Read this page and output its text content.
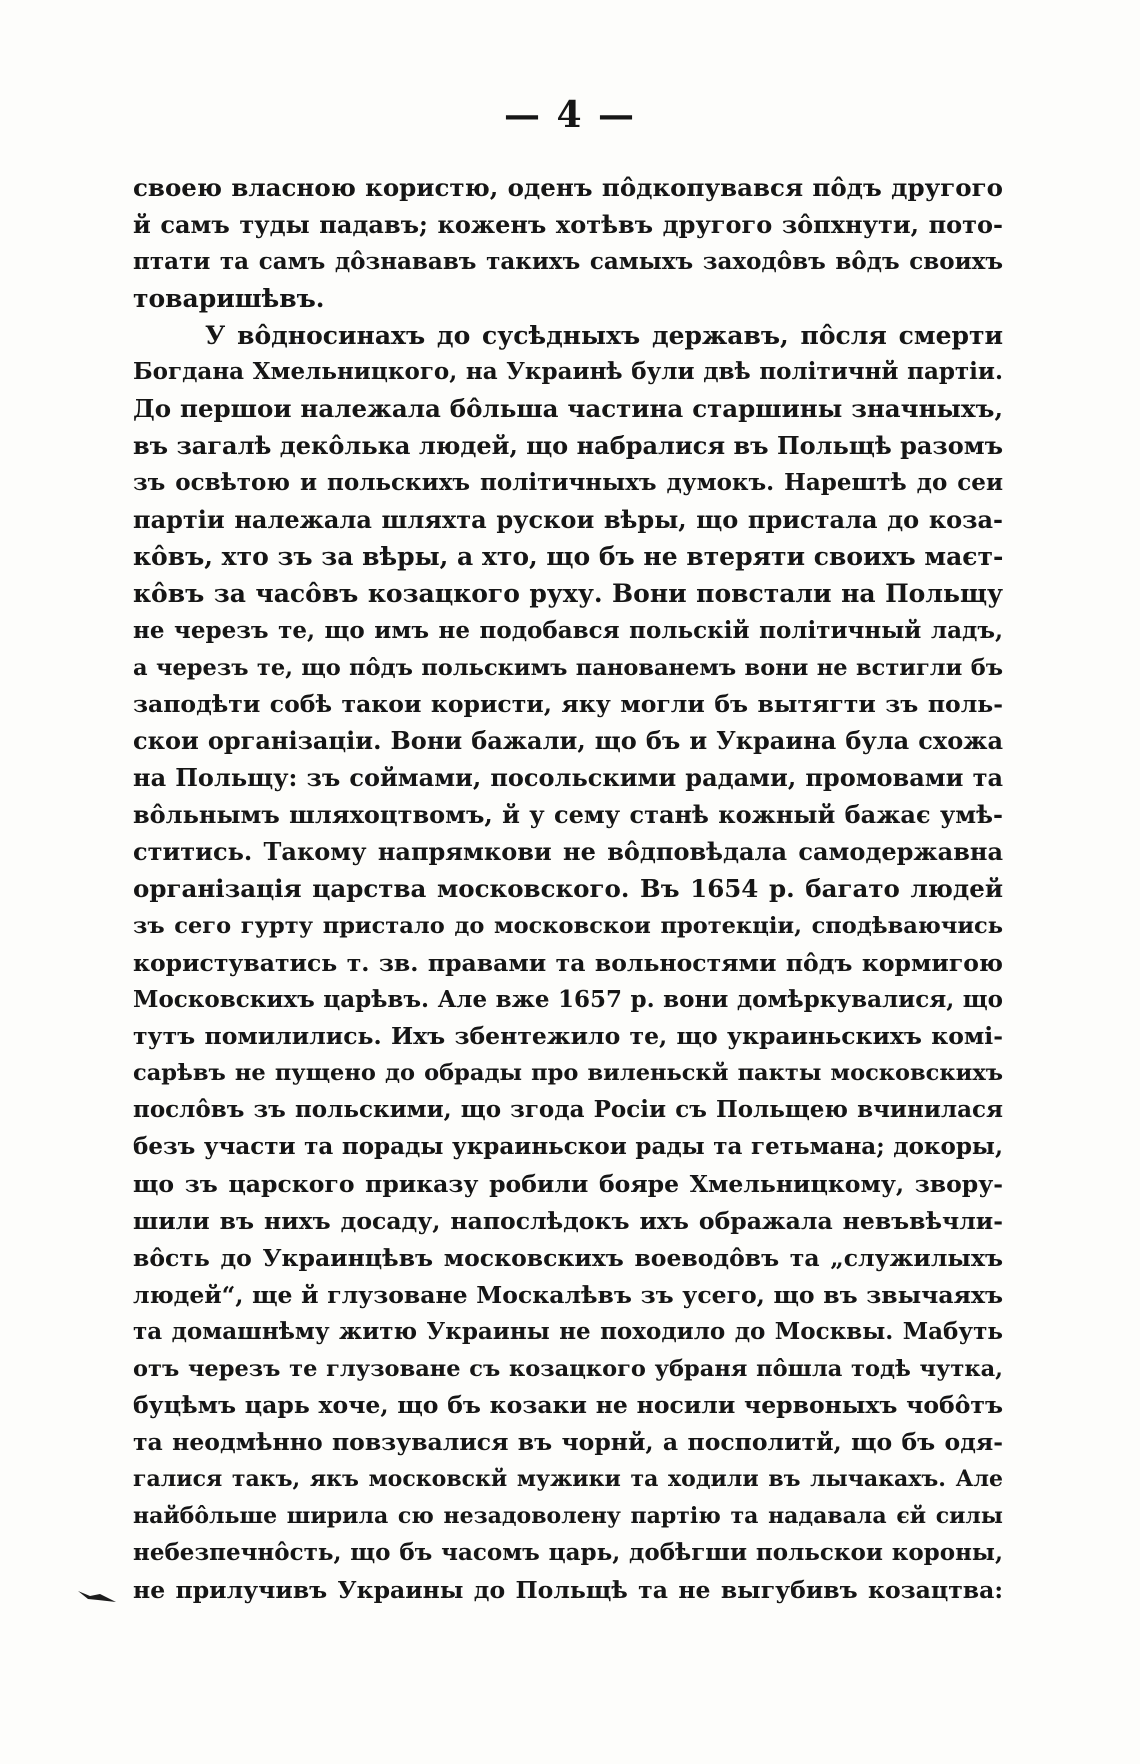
— 4 —
своею власною користю, оденъ пôдкопувався пôдъ другого
й самъ туды падавъ; коженъ хотѣвъ другого зôпхнути, пото-
птати та самъ дôзнававъ такихъ самыхъ заходôвъ вôдъ своихъ
товаришѣвъ.
У вôдносинахъ до сусѣдныхъ державъ, пôсля смерти
Богдана Хмельницкого, на Украинѣ були двѣ полiтичнй партiи.
До першои належала бôльша частина старшины значныхъ,
въ загалѣ декôлька людей, що набралися въ Польщѣ разомъ
зъ освѣтою и польскихъ полiтичныхъ думокъ. Нарештѣ до сеи
партiи належала шляхта рускои вѣры, що пристала до коза-
кôвъ, хто зъ за вѣры, а хто, що бъ не втеряти своихъ маєт-
кôвъ за часôвъ козацкого руху. Вони повстали на Польщу
не черезъ те, що имъ не подобався польскiй полiтичный ладъ,
а черезъ те, що пôдъ польскимъ панованемъ вони не встигли бъ
заподѣти собѣ такои користи, яку могли бъ вытягти зъ поль-
скои органiзацiи. Вони бажали, що бъ и Украина була схожа
на Польщу: зъ соймами, посольскими радами, промовами та
вôльнымъ шляхоцтвомъ, й у сему станѣ кожный бажає умѣ-
ститись. Такому напрямкови не вôдповѣдала самодержавна
органiзацiя царства московского. Въ 1654 р. багато людей
зъ сего гурту пристало до московскои протекцiи, сподѣваючись
користуватись т. зв. правами та вольностями пôдъ кормигою
Московскихъ царѣвъ. Але вже 1657 р. вони домѣркувалися, що
тутъ помилились. Ихъ збентежило те, що украиньскихъ комi-
сарѣвъ не пущено до обрады про виленьскй пакты московскихъ
послôвъ зъ польскими, що згода Росiи съ Польщею вчинилася
безъ участи та порады украиньскои рады та гетьмана; докоры,
що зъ царского приказу робили бояре Хмельницкому, звору-
шили въ нихъ досаду, напослѣдокъ ихъ ображала невъвѣчли-
вôсть до Украинцѣвъ московскихъ воеводôвъ та „служилыхъ
людей“, ще й глузоване Москалѣвъ зъ усего, що въ звычаяхъ
та домашнѣму житю Украины не походило до Москвы. Мабуть
отъ черезъ те глузоване съ козацкого убраня пôшла тодѣ чутка,
буцѣмъ царь хоче, що бъ козаки не носили червоныхъ чобôтъ
та неодмѣнно повзувалися въ чорнй, а посполитй, що бъ одя-
галися такъ, якъ московскй мужики та ходили въ лычакахъ. Але
найбôльше ширила сю незадоволену партiю та надавала єй силы
небезпечнôсть, що бъ часомъ царь, добѣгши польскои короны,
не прилучивъ Украины до Польщѣ та не выгубивъ козацтва:
